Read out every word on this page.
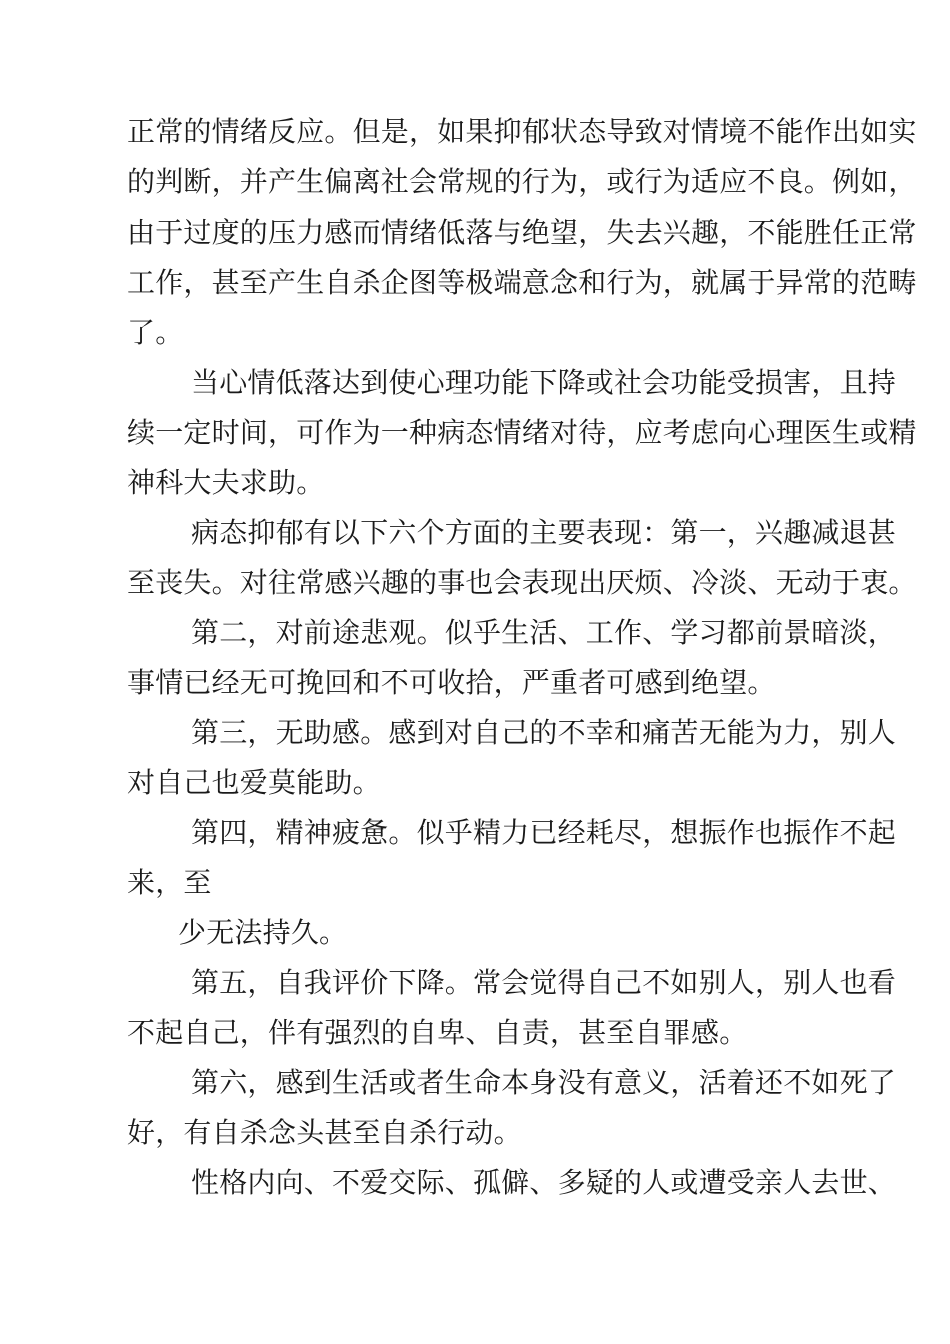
正常的情绪反应。但是，如果抑郁状态导致对情境不能作出如实
的判断，并产生偏离社会常规的行为，或行为适应不良。例如，
由于过度的压力感而情绪低落与绝望，失去兴趣，不能胜任正常
工作，甚至产生自杀企图等极端意念和行为，就属于异常的范畴
了。
当心情低落达到使心理功能下降或社会功能受损害，且持
续一定时间，可作为一种病态情绪对待，应考虑向心理医生或精
神科大夫求助。
病态抑郁有以下六个方面的主要表现：第一，兴趣减退甚
至丧失。对往常感兴趣的事也会表现出厌烦、冷淡、无动于衷。
第二，对前途悲观。似乎生活、工作、学习都前景暗淡，
事情已经无可挽回和不可收拾，严重者可感到绝望。
第三，无助感。感到对自己的不幸和痛苦无能为力，别人
对自己也爱莫能助。
第四，精神疲惫。似乎精力已经耗尽，想振作也振作不起
来，至
少无法持久。
第五，自我评价下降。常会觉得自己不如别人，别人也看
不起自己，伴有强烈的自卑、自责，甚至自罪感。
第六，感到生活或者生命本身没有意义，活着还不如死了
好，有自杀念头甚至自杀行动。
性格内向、不爱交际、孤僻、多疑的人或遭受亲人去世、
